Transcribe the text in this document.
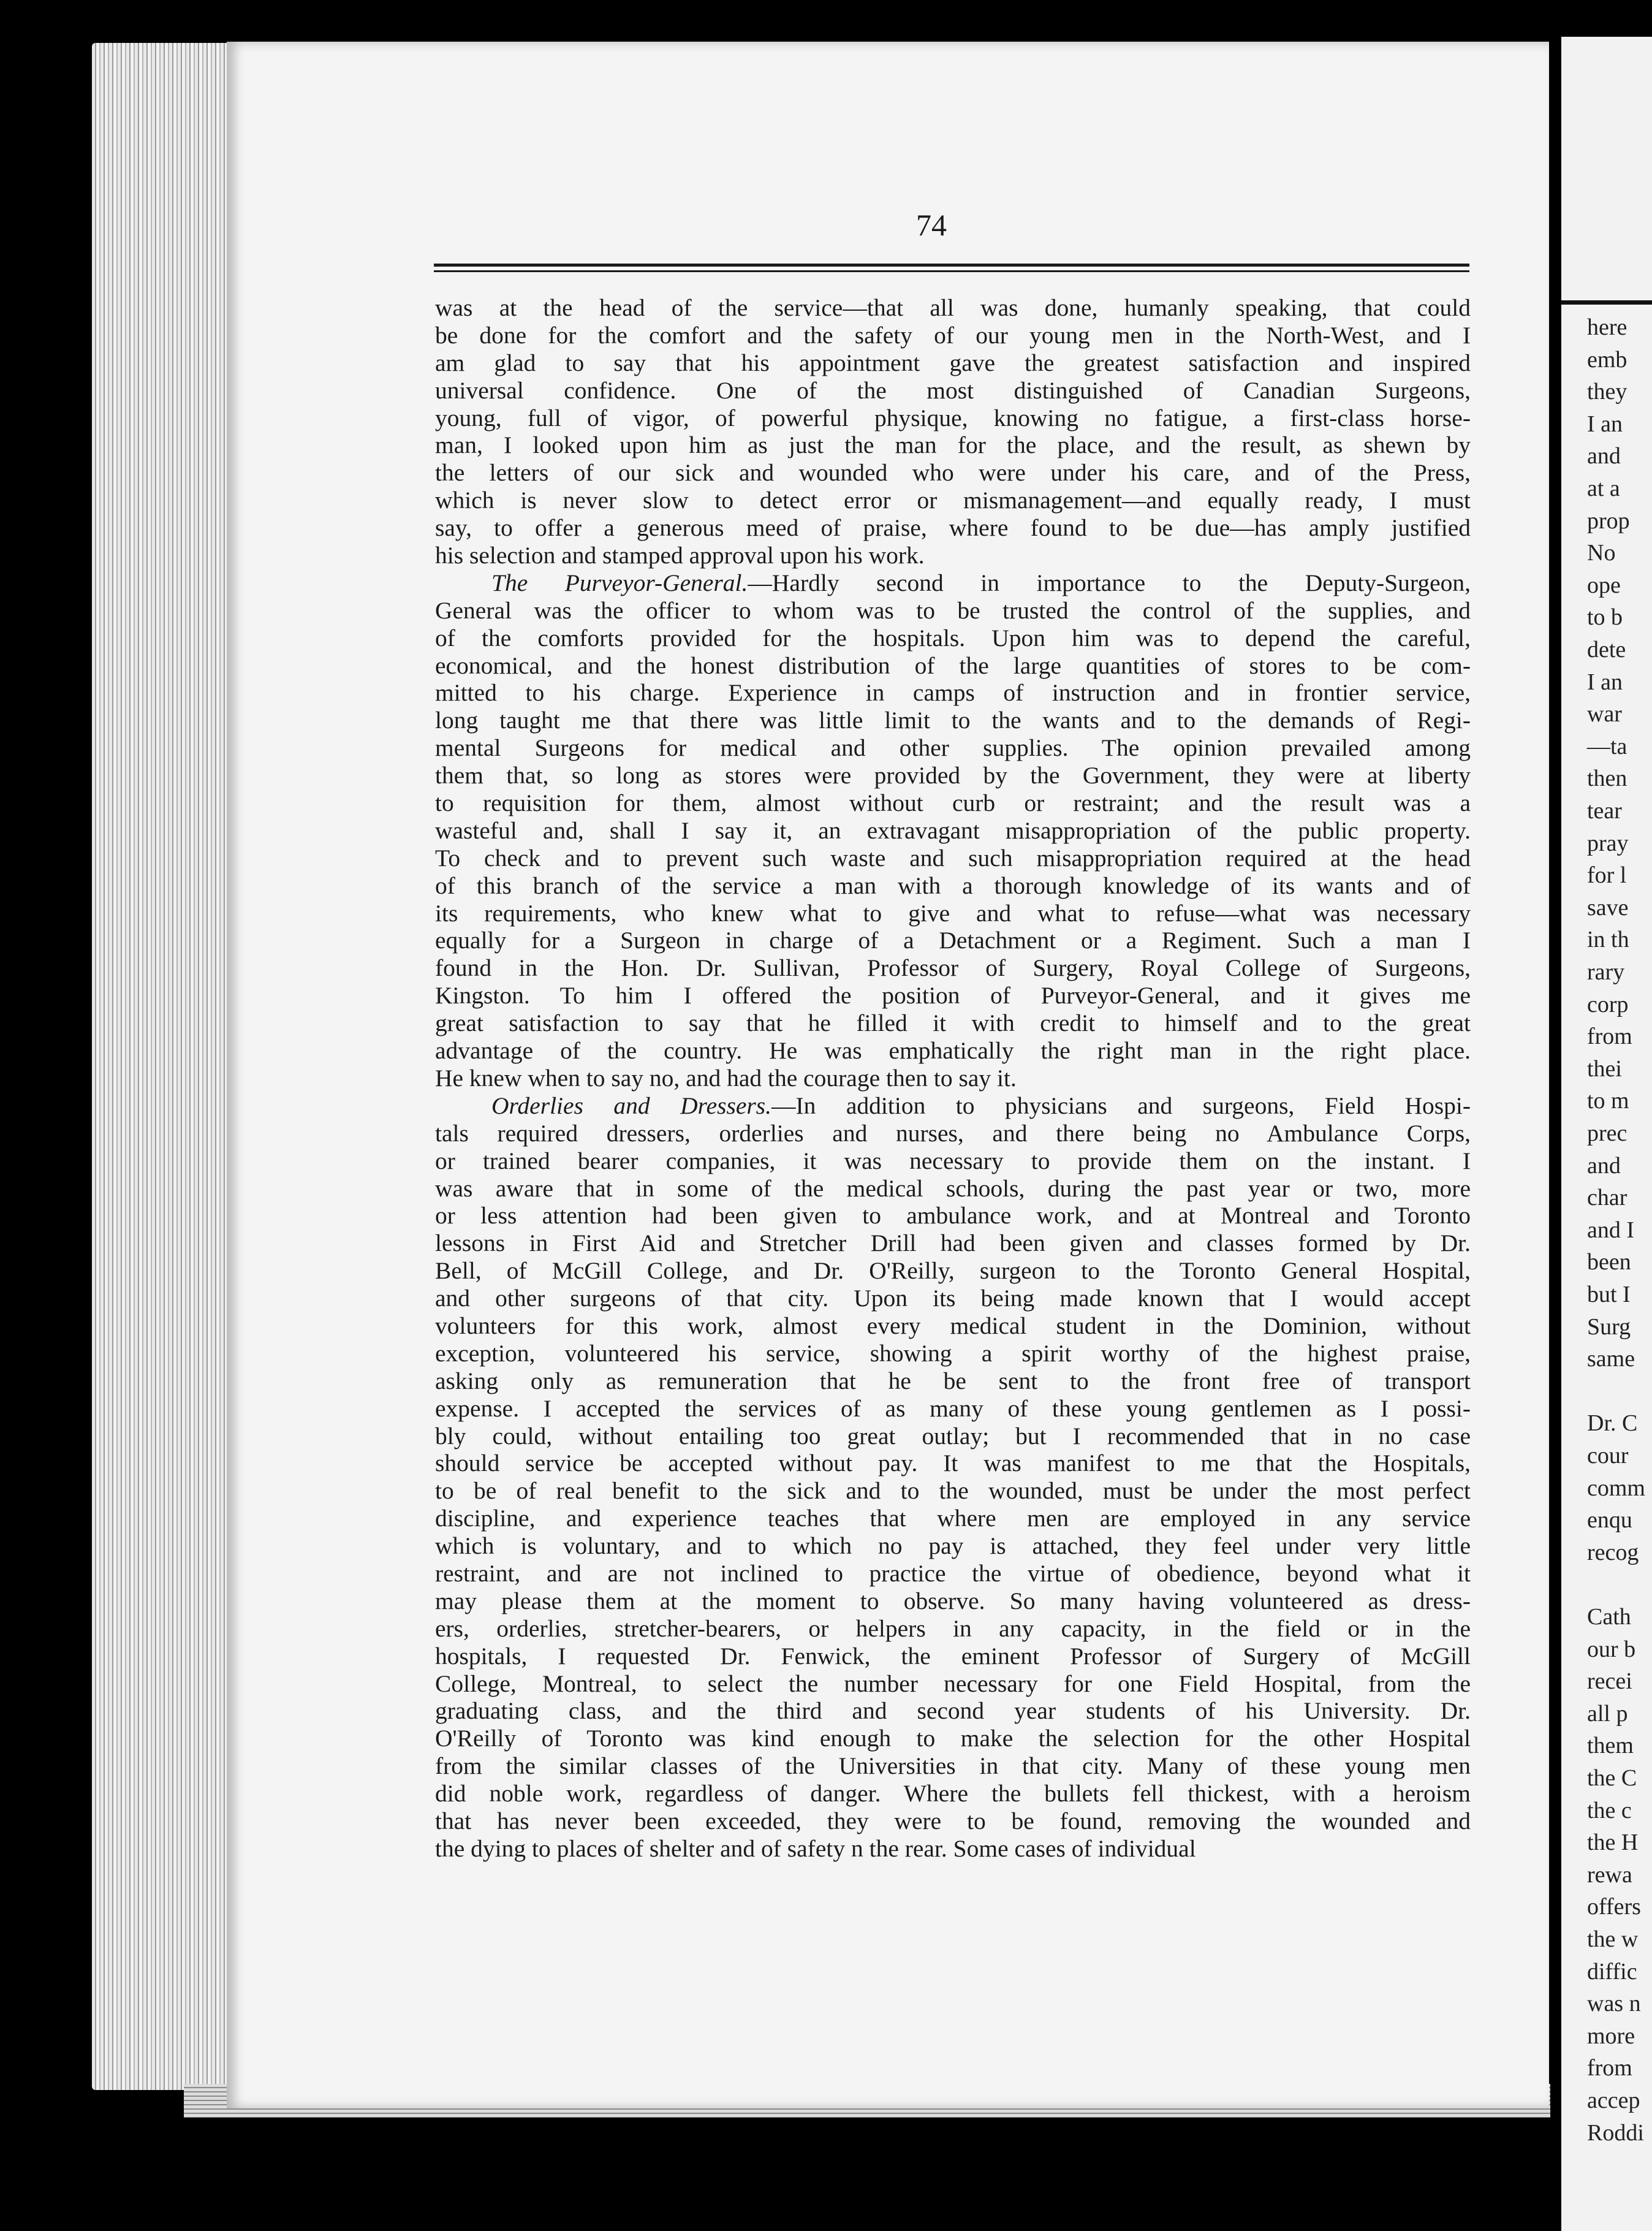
74
was at the head of the service—that all was done, humanly speaking, that could
be done for the comfort and the safety of our young men in the North-West, and I
am glad to say that his appointment gave the greatest satisfaction and inspired
universal confidence. One of the most distinguished of Canadian Surgeons,
young, full of vigor, of powerful physique, knowing no fatigue, a first-class horse-
man, I looked upon him as just the man for the place, and the result, as shewn by
the letters of our sick and wounded who were under his care, and of the Press,
which is never slow to detect error or mismanagement—and equally ready, I must
say, to offer a generous meed of praise, where found to be due—has amply justified
his selection and stamped approval upon his work.
The Purveyor-General.—Hardly second in importance to the Deputy-Surgeon,
General was the officer to whom was to be trusted the control of the supplies, and
of the comforts provided for the hospitals. Upon him was to depend the careful,
economical, and the honest distribution of the large quantities of stores to be com-
mitted to his charge. Experience in camps of instruction and in frontier service,
long taught me that there was little limit to the wants and to the demands of Regi-
mental Surgeons for medical and other supplies. The opinion prevailed among
them that, so long as stores were provided by the Government, they were at liberty
to requisition for them, almost without curb or restraint; and the result was a
wasteful and, shall I say it, an extravagant misappropriation of the public property.
To check and to prevent such waste and such misappropriation required at the head
of this branch of the service a man with a thorough knowledge of its wants and of
its requirements, who knew what to give and what to refuse—what was necessary
equally for a Surgeon in charge of a Detachment or a Regiment. Such a man I
found in the Hon. Dr. Sullivan, Professor of Surgery, Royal College of Surgeons,
Kingston. To him I offered the position of Purveyor-General, and it gives me
great satisfaction to say that he filled it with credit to himself and to the great
advantage of the country. He was emphatically the right man in the right place.
He knew when to say no, and had the courage then to say it.
Orderlies and Dressers.—In addition to physicians and surgeons, Field Hospi-
tals required dressers, orderlies and nurses, and there being no Ambulance Corps,
or trained bearer companies, it was necessary to provide them on the instant. I
was aware that in some of the medical schools, during the past year or two, more
or less attention had been given to ambulance work, and at Montreal and Toronto
lessons in First Aid and Stretcher Drill had been given and classes formed by Dr.
Bell, of McGill College, and Dr. O'Reilly, surgeon to the Toronto General Hospital,
and other surgeons of that city. Upon its being made known that I would accept
volunteers for this work, almost every medical student in the Dominion, without
exception, volunteered his service, showing a spirit worthy of the highest praise,
asking only as remuneration that he be sent to the front free of transport
expense. I accepted the services of as many of these young gentlemen as I possi-
bly could, without entailing too great outlay; but I recommended that in no case
should service be accepted without pay. It was manifest to me that the Hospitals,
to be of real benefit to the sick and to the wounded, must be under the most perfect
discipline, and experience teaches that where men are employed in any service
which is voluntary, and to which no pay is attached, they feel under very little
restraint, and are not inclined to practice the virtue of obedience, beyond what it
may please them at the moment to observe. So many having volunteered as dress-
ers, orderlies, stretcher-bearers, or helpers in any capacity, in the field or in the
hospitals, I requested Dr. Fenwick, the eminent Professor of Surgery of McGill
College, Montreal, to select the number necessary for one Field Hospital, from the
graduating class, and the third and second year students of his University. Dr.
O'Reilly of Toronto was kind enough to make the selection for the other Hospital
from the similar classes of the Universities in that city. Many of these young men
did noble work, regardless of danger. Where the bullets fell thickest, with a heroism
that has never been exceeded, they were to be found, removing the wounded and
the dying to places of shelter and of safety n the rear. Some cases of individual
here
emb
they
I an
and
at a
prop
No
ope
to b
dete
I an
war
—ta
then
tear
pray
for l
save
in th
rary
corp
from
thei
to m
prec
and
char
and I
been
but I
Surg
same
Dr. C
cour
comm
enqu
recog
Cath
our b
recei
all p
them
the C
the c
the H
rewa
offers
the w
diffic
was n
more
from
accep
Roddi
